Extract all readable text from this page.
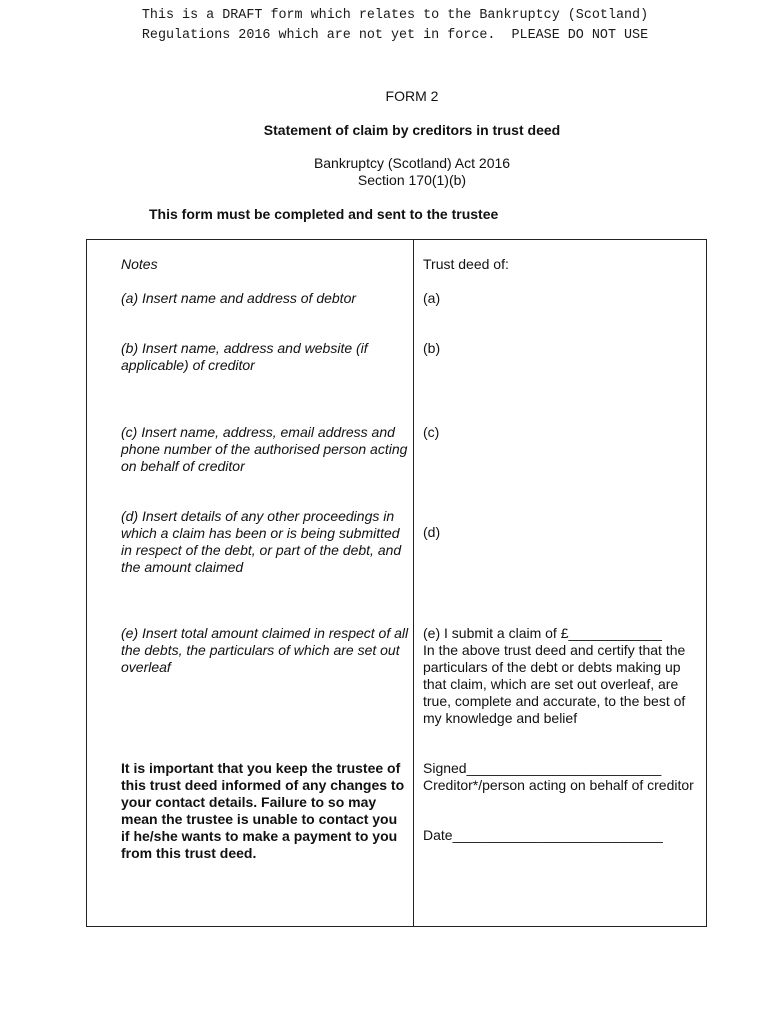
This is a DRAFT form which relates to the Bankruptcy (Scotland)
Regulations 2016 which are not yet in force.  PLEASE DO NOT USE
FORM 2
Statement of claim by creditors in trust deed
Bankruptcy (Scotland) Act 2016
Section 170(1)(b)
This form must be completed and sent to the trustee
Notes
(a) Insert name and address of debtor
(b) Insert name, address and website (if applicable) of creditor
(c) Insert name, address, email address and phone number of the authorised person acting on behalf of creditor
(d) Insert details of any other proceedings in which a claim has been or is being submitted in respect of the debt, or part of the debt, and the amount claimed
(e) Insert total amount claimed in respect of all the debts, the particulars of which are set out overleaf
It is important that you keep the trustee of this trust deed informed of any changes to your contact details. Failure to so may mean the trustee is unable to contact you if he/she wants to make a payment to you from this trust deed.
Trust deed of:
(a)
(b)
(c)
(d)
(e) I submit a claim of £____________
In the above trust deed and certify that the particulars of the debt or debts making up that claim, which are set out overleaf, are true, complete and accurate, to the best of my knowledge and belief
Signed_________________________
Creditor*/person acting on behalf of creditor
Date___________________________
